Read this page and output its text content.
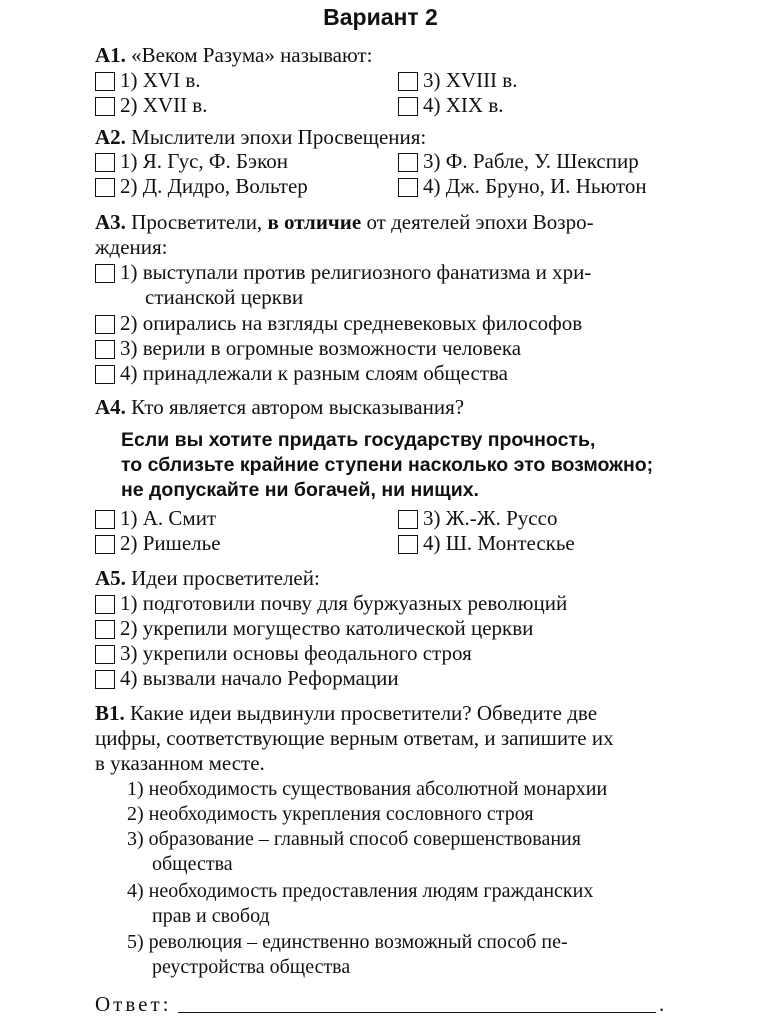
Вариант 2
А1. «Веком Разума» называют:
1) XVI в.
2) XVII в.
3) XVIII в.
4) XIX в.
А2. Мыслители эпохи Просвещения:
1) Я. Гус, Ф. Бэкон
2) Д. Дидро, Вольтер
3) Ф. Рабле, У. Шекспир
4) Дж. Бруно, И. Ньютон
А3. Просветители, в отличие от деятелей эпохи Возро-
ждения:
1) выступали против религиозного фанатизма и хри-
стианской церкви
2) опирались на взгляды средневековых философов
3) верили в огромные возможности человека
4) принадлежали к разным слоям общества
А4. Кто является автором высказывания?
Если вы хотите придать государству прочность,
то сблизьте крайние ступени насколько это возможно;
не допускайте ни богачей, ни нищих.
1) А. Смит
2) Ришелье
3) Ж.-Ж. Руссо
4) Ш. Монтескье
А5. Идеи просветителей:
1) подготовили почву для буржуазных революций
2) укрепили могущество католической церкви
3) укрепили основы феодального строя
4) вызвали начало Реформации
В1. Какие идеи выдвинули просветители? Обведите две
цифры, соответствующие верным ответам, и запишите их
в указанном месте.
1) необходимость существования абсолютной монархии
2) необходимость укрепления сословного строя
3) образование – главный способ совершенствования
общества
4) необходимость предоставления людям гражданских
прав и свобод
5) революция – единственно возможный способ пе-
реустройства общества
Ответ:	.
